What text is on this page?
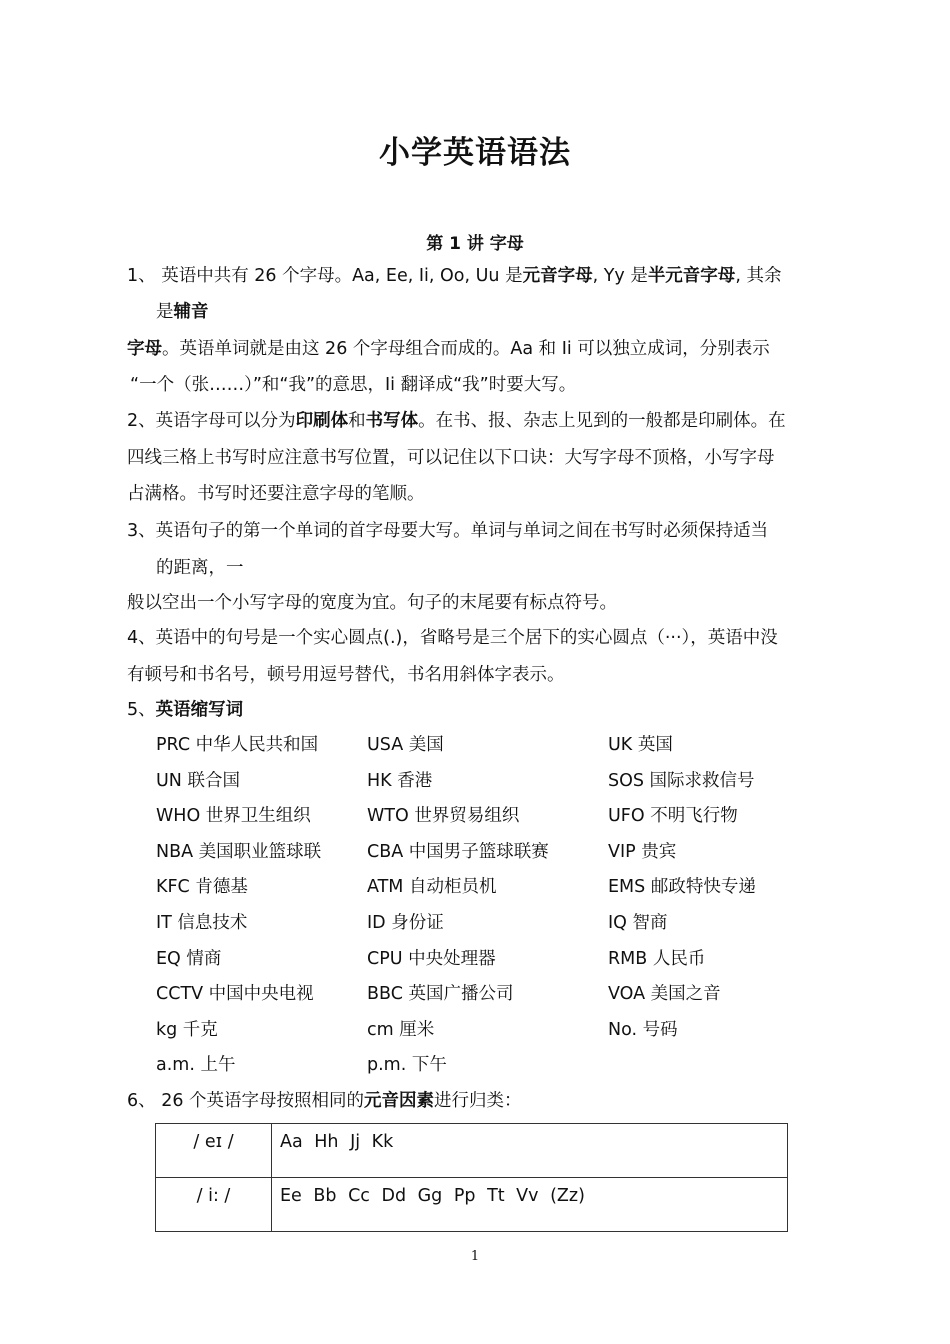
小学英语语法
第 1 讲 字母
1、 英语中共有 26 个字母。Aa, Ee, Ii, Oo, Uu 是元音字母, Yy 是半元音字母, 其余
是辅音
字母。英语单词就是由这 26 个字母组合而成的。Aa 和 Ii 可以独立成词，分别表示
“一个（张……）”和“我”的意思，Ii 翻译成“我”时要大写。
2、英语字母可以分为印刷体和书写体。在书、报、杂志上见到的一般都是印刷体。在
四线三格上书写时应注意书写位置，可以记住以下口诀：大写字母不顶格，小写字母
占满格。书写时还要注意字母的笔顺。
3、英语句子的第一个单词的首字母要大写。单词与单词之间在书写时必须保持适当
的距离，一
般以空出一个小写字母的宽度为宜。句子的末尾要有标点符号。
4、英语中的句号是一个实心圆点(.)，省略号是三个居下的实心圆点（···），英语中没
有顿号和书名号，顿号用逗号替代，书名用斜体字表示。
5、英语缩写词
PRC 中华人民共和国	USA 美国	UK 英国
UN 联合国	HK 香港	SOS 国际求救信号
WHO 世界卫生组织	WTO 世界贸易组织	UFO 不明飞行物
NBA 美国职业篮球联	CBA 中国男子篮球联赛	VIP 贵宾
KFC 肯德基	ATM 自动柜员机	EMS 邮政特快专递
IT 信息技术	ID 身份证	IQ 智商
EQ 情商	CPU 中央处理器	RMB 人民币
CCTV 中国中央电视	BBC 英国广播公司	VOA 美国之音
kg 千克	cm 厘米	No. 号码
a.m. 上午	p.m. 下午
6、 26 个英语字母按照相同的元音因素进行归类：
/ eɪ /	Aa Hh Jj Kk
/ i: /	Ee Bb Cc Dd Gg Pp Tt Vv (Zz)
1
